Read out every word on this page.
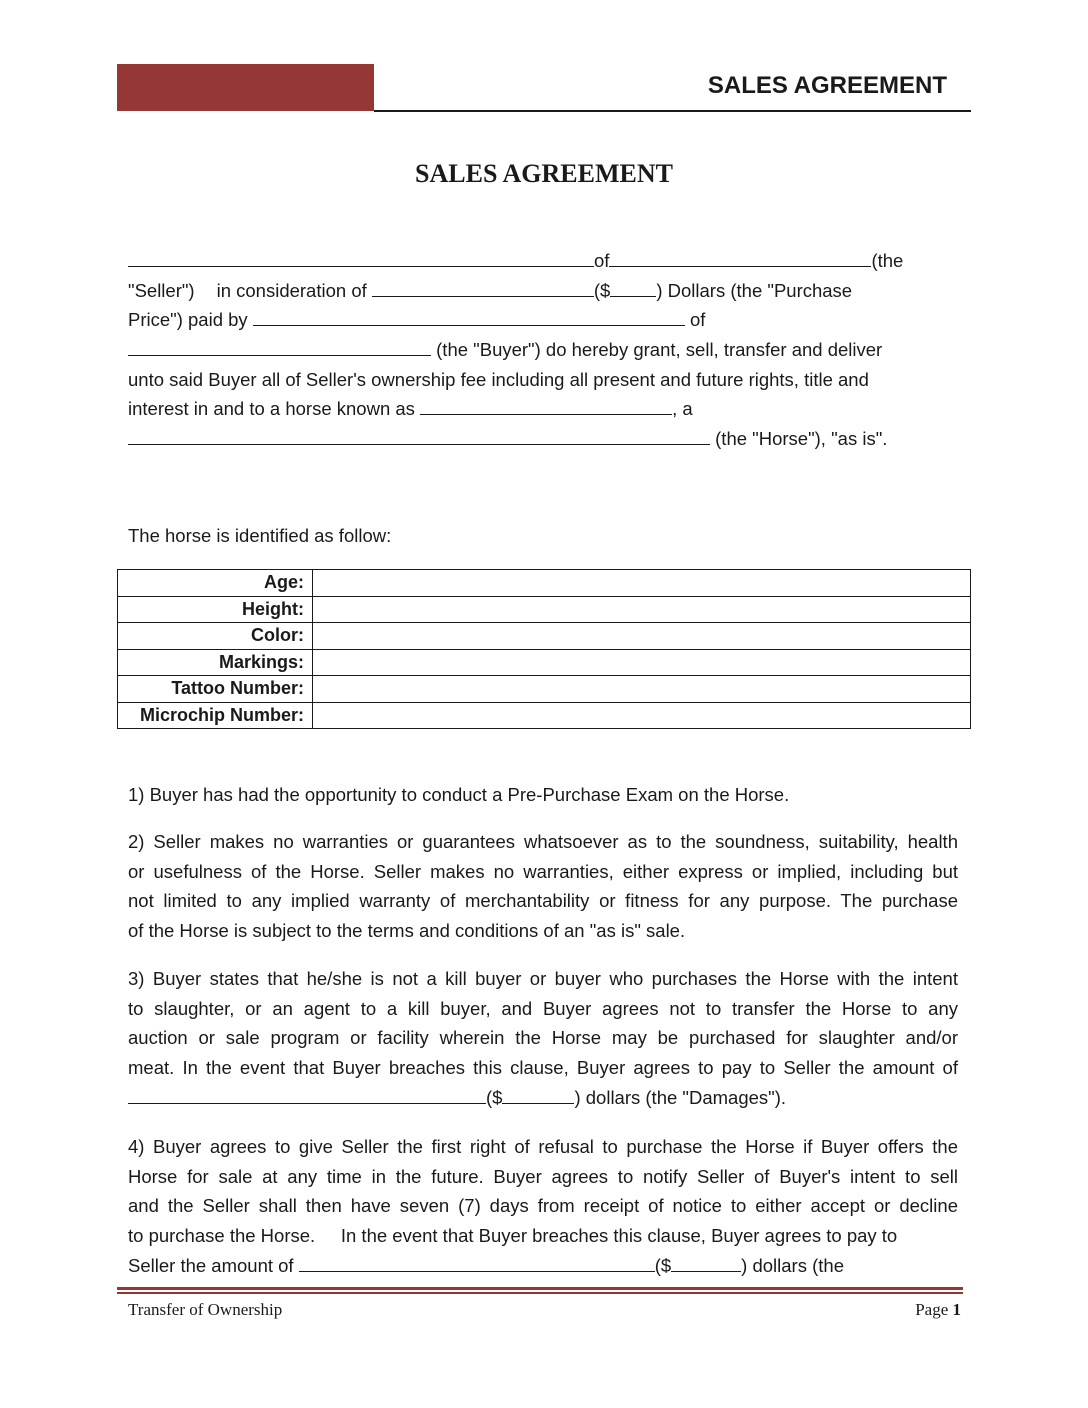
SALES AGREEMENT
SALES AGREEMENT
of	(the
"Seller") in consideration of	($ ) Dollars (the "Purchase
Price") paid by	of
(the "Buyer") do hereby grant, sell, transfer and deliver
unto said Buyer all of Seller's ownership fee including all present and future rights, title and
interest in and to a horse known as	, a
(the "Horse"), "as is".
The horse is identified as follow:
Age:	
Height:	
Color:	
Markings:	
Tattoo Number:	
Microchip Number:	
1) Buyer has had the opportunity to conduct a Pre-Purchase Exam on the Horse.
2) Seller makes no warranties or guarantees whatsoever as to the soundness, suitability, health
or usefulness of the Horse. Seller makes no warranties, either express or implied, including but
not limited to any implied warranty of merchantability or fitness for any purpose. The purchase
of the Horse is subject to the terms and conditions of an "as is" sale.
3) Buyer states that he/she is not a kill buyer or buyer who purchases the Horse with the intent
to slaughter, or an agent to a kill buyer, and Buyer agrees not to transfer the Horse to any
auction or sale program or facility wherein the Horse may be purchased for slaughter and/or
meat. In the event that Buyer breaches this clause, Buyer agrees to pay to Seller the amount of
($	) dollars (the "Damages").
4) Buyer agrees to give Seller the first right of refusal to purchase the Horse if Buyer offers the
Horse for sale at any time in the future. Buyer agrees to notify Seller of Buyer's intent to sell
and the Seller shall then have seven (7) days from receipt of notice to either accept or decline
to purchase the Horse.     In the event that Buyer breaches this clause, Buyer agrees to pay to
Seller the amount of	($	) dollars (the
Transfer of Ownership	Page 1
